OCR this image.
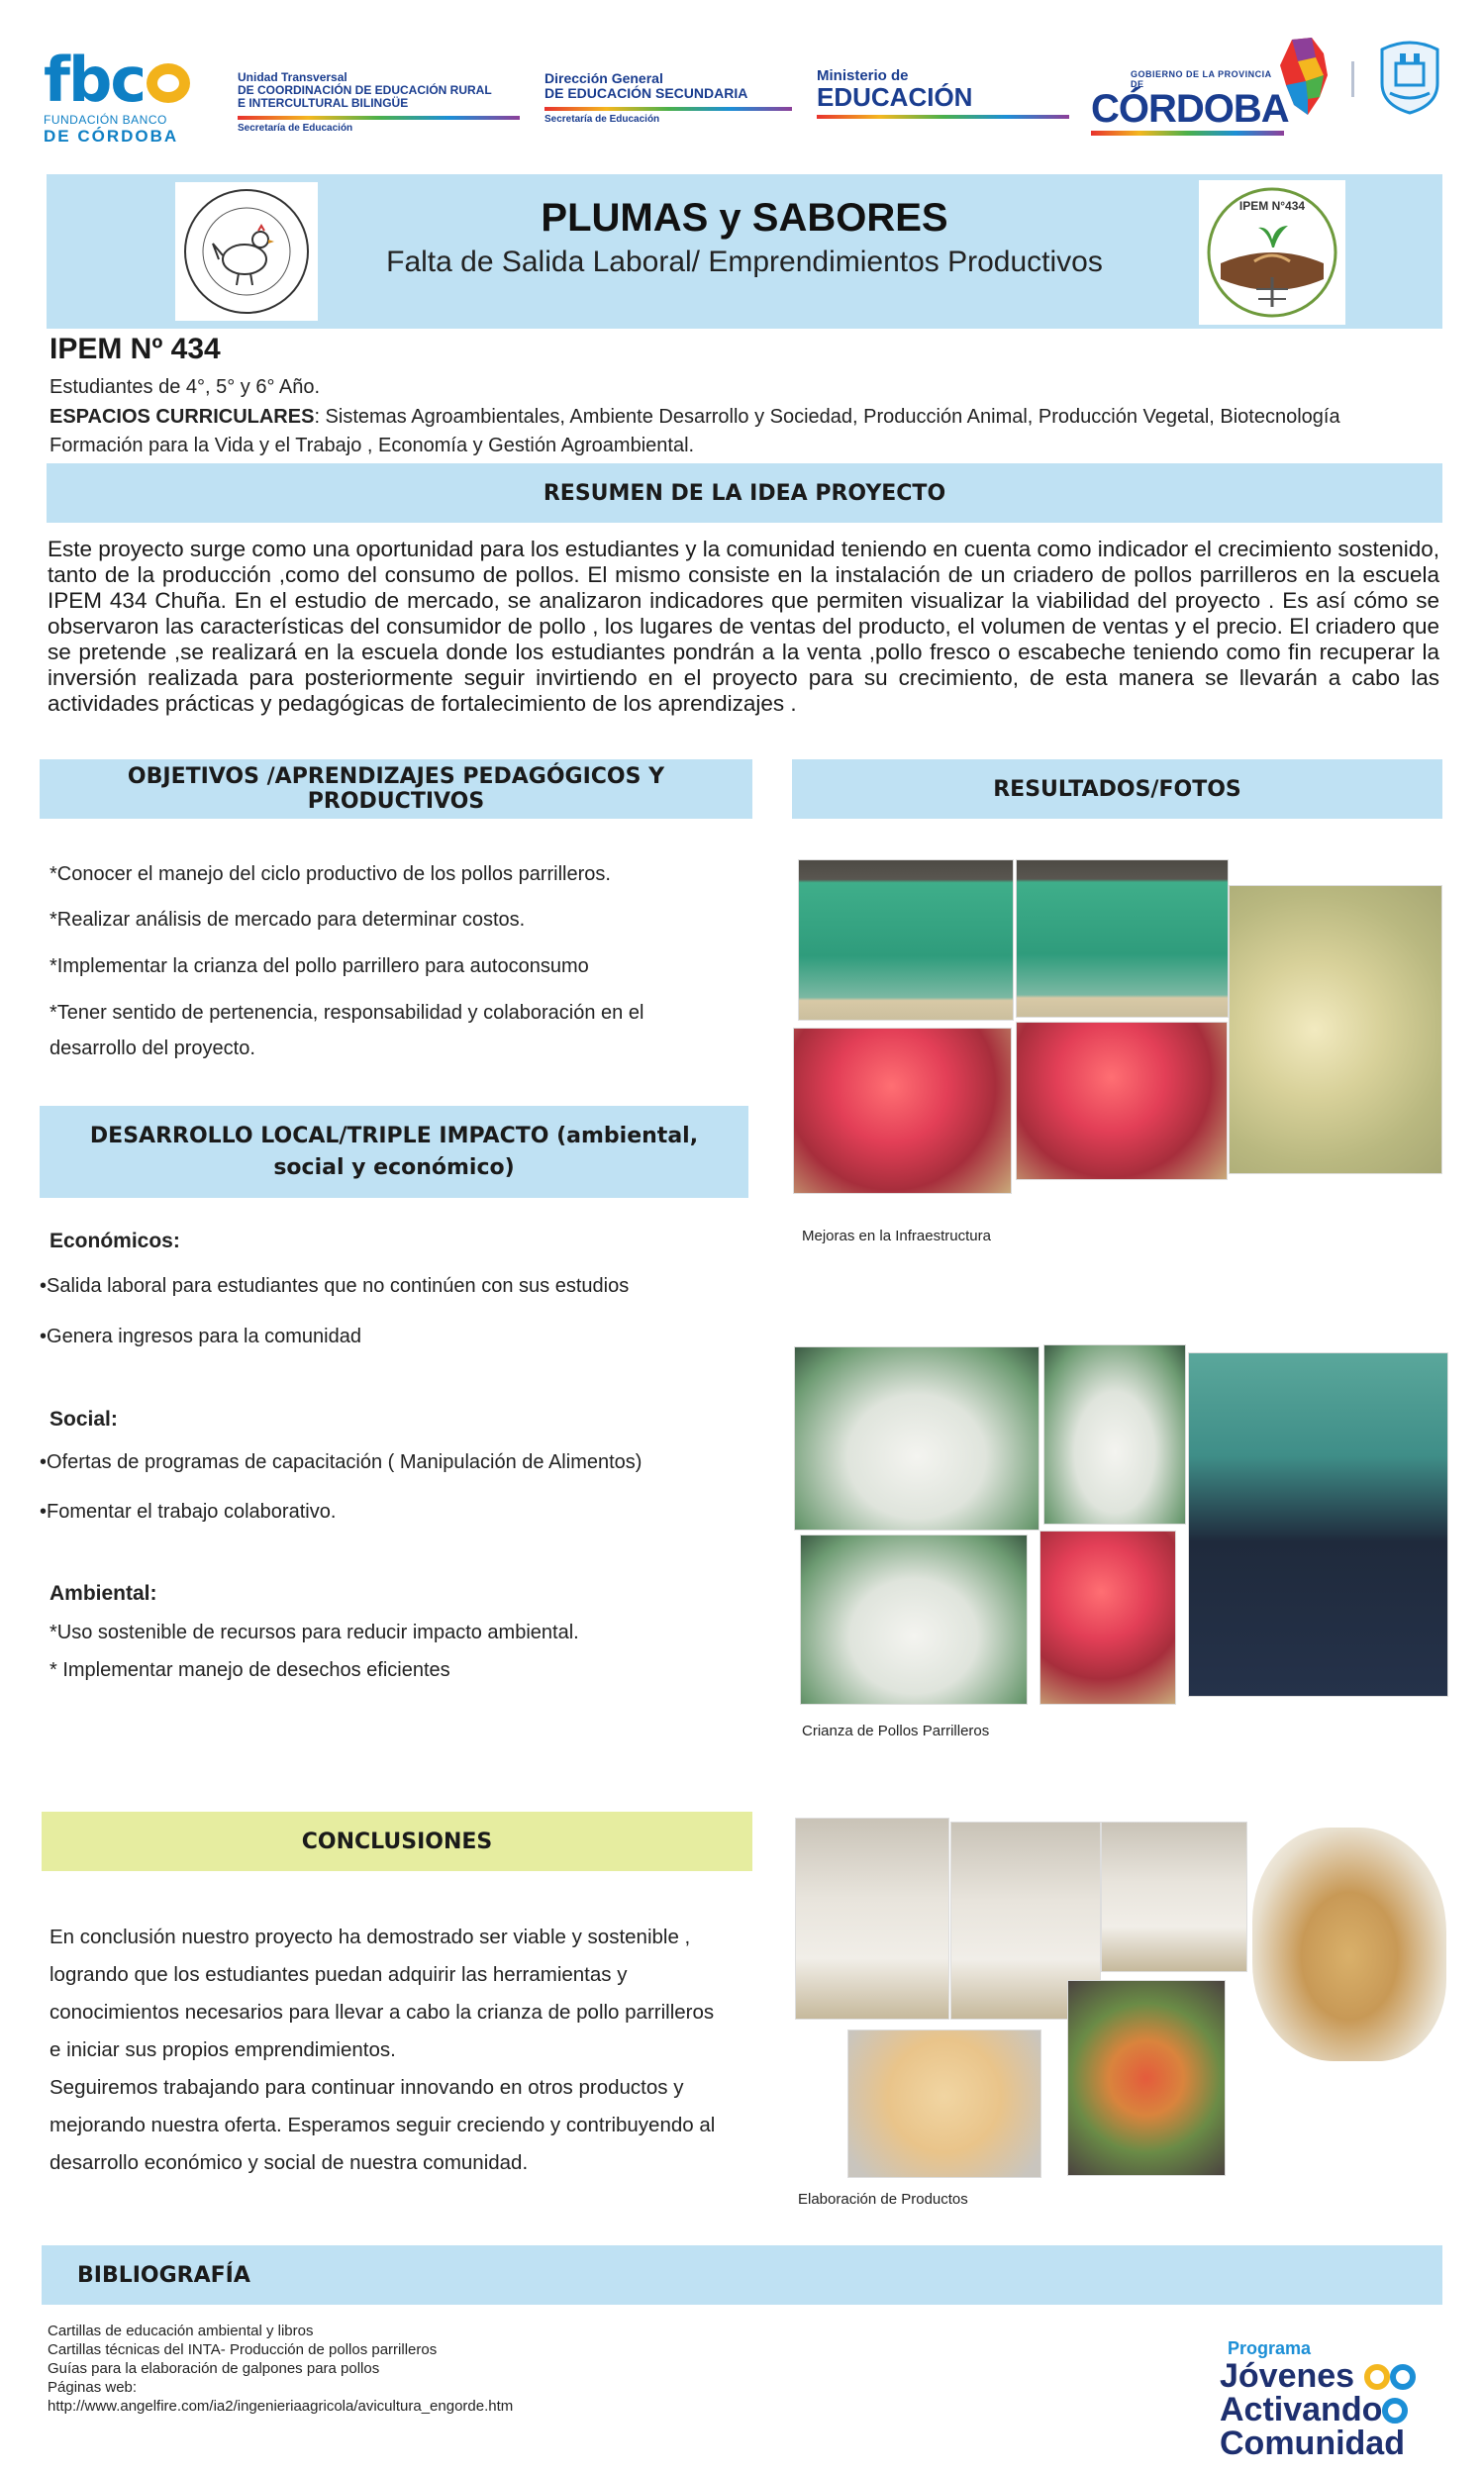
fbc
FUNDACIÓN BANCO
DE CÓRDOBA
Unidad Transversal
DE COORDINACIÓN DE EDUCACIÓN RURAL
E INTERCULTURAL BILINGÜE
Secretaría de Educación
Dirección General
DE EDUCACIÓN SECUNDARIA
Secretaría de Educación
Ministerio de
EDUCACIÓN
GOBIERNO DE LA PROVINCIA DE
CÓRDOBA
PLUMAS y SABORES
Falta de Salida Laboral/ Emprendimientos Productivos
IPEM N°434
IPEM Nº 434
Estudiantes de 4°, 5° y 6° Año.
ESPACIOS CURRICULARES: Sistemas Agroambientales, Ambiente Desarrollo y Sociedad, Producción Animal, Producción Vegetal, Biotecnología
Formación para la Vida y el Trabajo , Economía y Gestión Agroambiental.
RESUMEN DE LA IDEA PROYECTO
Este proyecto surge como una oportunidad para los estudiantes y la comunidad teniendo en cuenta como indicador el crecimiento sostenido, tanto de la producción ,como del consumo de pollos. El mismo consiste en la instalación de un criadero de pollos parrilleros en la escuela IPEM 434 Chuña. En el estudio de mercado, se analizaron indicadores que permiten visualizar la viabilidad del proyecto . Es así cómo se observaron las características del consumidor de pollo , los lugares de ventas del producto, el volumen de ventas y el precio. El criadero que se pretende ,se realizará en la escuela donde los estudiantes pondrán a la venta ,pollo fresco o escabeche teniendo como fin recuperar la inversión realizada para posteriormente seguir invirtiendo en el proyecto para su crecimiento, de esta manera se llevarán a cabo las actividades prácticas y pedagógicas de fortalecimiento de los aprendizajes .
OBJETIVOS /APRENDIZAJES PEDAGÓGICOS Y PRODUCTIVOS
*Conocer el manejo del ciclo productivo de los pollos parrilleros.
*Realizar análisis de mercado para determinar costos.
*Implementar la crianza del pollo parrillero para autoconsumo
*Tener sentido de pertenencia, responsabilidad y colaboración en el
desarrollo del proyecto.
RESULTADOS/FOTOS
Mejoras en la Infraestructura
DESARROLLO LOCAL/TRIPLE IMPACTO (ambiental, social y económico)
Económicos:
•Salida laboral para estudiantes que no continúen con sus estudios
•Genera ingresos para la comunidad
Social:
•Ofertas de programas de capacitación ( Manipulación de Alimentos)
•Fomentar el trabajo colaborativo.
Ambiental:
*Uso sostenible de recursos para reducir impacto ambiental.
* Implementar manejo de desechos eficientes
Crianza de Pollos Parrilleros
CONCLUSIONES
En conclusión nuestro proyecto ha demostrado ser viable y sostenible ,
logrando que los estudiantes puedan adquirir las herramientas y
conocimientos necesarios para llevar a cabo la crianza de pollo parrilleros
e iniciar sus propios emprendimientos.
Seguiremos trabajando para continuar innovando en otros productos y
mejorando nuestra oferta. Esperamos seguir creciendo y contribuyendo al
desarrollo económico y social de nuestra comunidad.
Elaboración de Productos
BIBLIOGRAFÍA
Cartillas de educación ambiental y libros
Cartillas técnicas del INTA- Producción de pollos parrilleros
Guías para la elaboración de galpones para pollos
Páginas web:
http://www.angelfire.com/ia2/ingenieriaagricola/avicultura_engorde.htm
Programa
Jóvenes
Activando
Comunidad
